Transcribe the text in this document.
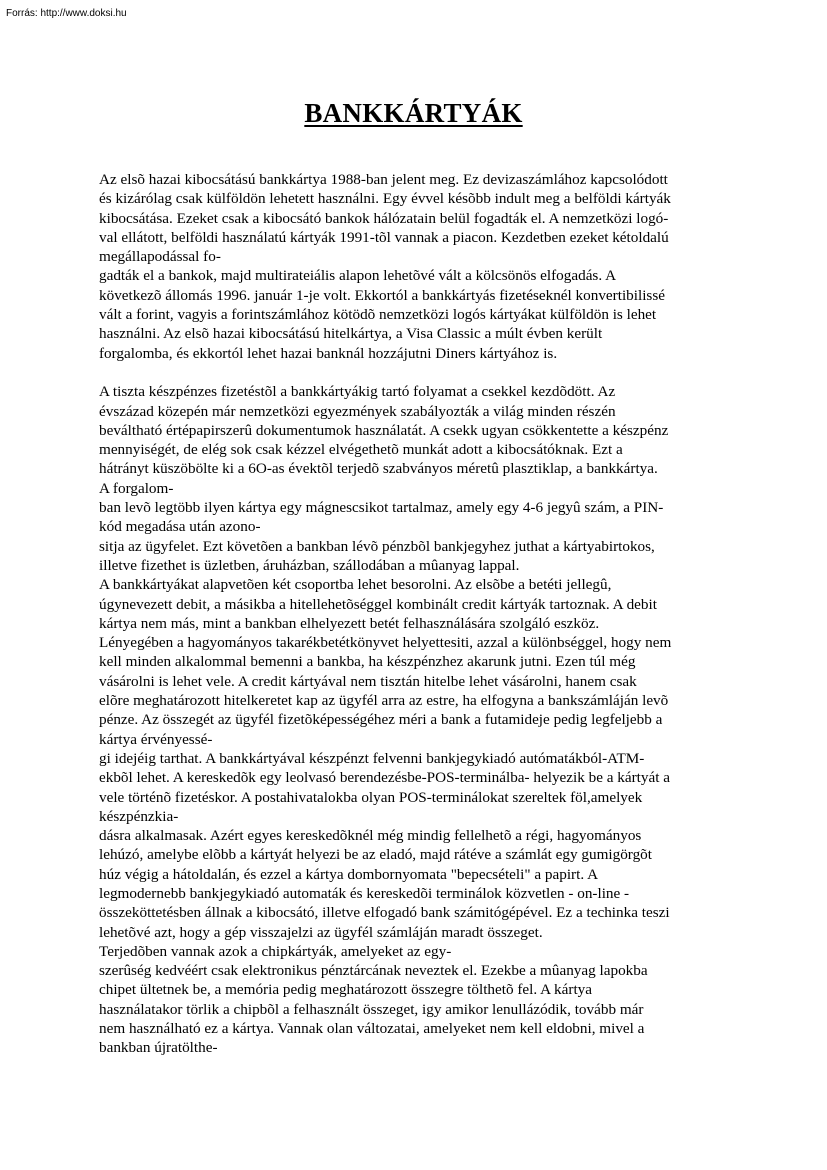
Forrás: http://www.doksi.hu
BANKKÁRTYÁK

Az elsõ hazai kibocsátású bankkártya 1988-ban jelent meg. Ez devizaszámlához kapcsolódott
és kizárólag csak külföldön lehetett használni. Egy évvel késõbb indult meg a belföldi kártyák
kibocsátása. Ezeket csak a kibocsátó bankok hálózatain belül fogadták el. A nemzetközi logó-
val ellátott, belföldi használatú kártyák 1991-tõl vannak a piacon. Kezdetben ezeket kétoldalú
megállapodással fo-
gadták el a bankok, majd multirateiális alapon lehetõvé vált a kölcsönös elfogadás. A
következõ állomás 1996. január 1-je volt. Ekkortól a bankkártyás fizetéseknél konvertibilissé
vált a forint, vagyis a forintszámlához kötödõ nemzetközi logós kártyákat külföldön is lehet
használni. Az elsõ hazai kibocsátású hitelkártya, a Visa Classic a múlt évben került
forgalomba, és ekkortól lehet hazai banknál hozzájutni Diners kártyához is.

A tiszta készpénzes fizetéstõl a bankkártyákig tartó folyamat a csekkel kezdõdött. Az
évszázad közepén már nemzetközi egyezmények szabályozták a világ minden részén
beváltható értépapirszerû dokumentumok használatát. A csekk ugyan csökkentette a készpénz
mennyiségét, de elég sok csak kézzel elvégethetõ munkát adott a kibocsátóknak. Ezt a
hátrányt küszöbölte ki a 6O-as évektõl terjedõ szabványos méretû plasztiklap, a bankkártya.
A forgalom-
ban levõ legtöbb ilyen kártya egy mágnescsikot tartalmaz, amely egy 4-6 jegyû szám, a PIN-
kód megadása után azono-
sitja az ügyfelet. Ezt követõen a bankban lévõ pénzbõl bankjegyhez juthat a kártyabirtokos,
illetve fizethet is üzletben, áruházban, szállodában a mûanyag lappal.

A bankkártyákat alapvetõen két csoportba lehet besorolni. Az elsõbe a betéti jellegû,
úgynevezett debit, a másikba a hitellehetõséggel kombinált credit kártyák tartoznak. A debit
kártya nem más, mint a bankban elhelyezett betét felhasználására szolgáló eszköz.
Lényegében a hagyományos takarékbetétkönyvet helyettesiti, azzal a különbséggel, hogy nem
kell minden alkalommal bemenni a bankba, ha készpénzhez akarunk jutni. Ezen túl még
vásárolni is lehet vele. A credit kártyával nem tisztán hitelbe lehet vásárolni, hanem csak
elõre meghatározott hitelkeretet kap az ügyfél arra az estre, ha elfogyna a bankszámláján levõ
pénze. Az összegét az ügyfél fizetõképességéhez méri a bank a futamideje pedig legfeljebb a
kártya érvényessé-
gi idejéig tarthat. A bankkártyával készpénzt felvenni bankjegykiadó autómatákból-ATM-
ekbõl lehet. A kereskedõk egy leolvasó berendezésbe-POS-terminálba- helyezik be a kártyát a
vele történõ fizetéskor. A postahivatalokba olyan POS-terminálokat szereltek föl,amelyek
készpénzkia-
dásra alkalmasak. Azért egyes kereskedõknél még mindig fellelhetõ a régi, hagyományos
lehúzó, amelybe elõbb a kártyát helyezi be az eladó, majd rátéve a számlát egy gumigörgõt
húz végig a hátoldalán, és ezzel a kártya dombornyomata "bepecsételi" a papirt. A
legmodernebb bankjegykiadó automaták és kereskedõi terminálok közvetlen - on-line -
összeköttetésben állnak a kibocsátó, illetve elfogadó bank számitógépével. Ez a techinka teszi
lehetõvé azt, hogy a gép visszajelzi az ügyfél számláján maradt összeget.
Terjedõben vannak azok a chipkártyák, amelyeket az egy-
szerûség kedvéért csak elektronikus pénztárcának neveztek el. Ezekbe a mûanyag lapokba
chipet ültetnek be, a memória pedig meghatározott összegre tölthetõ fel. A kártya
használatakor törlik a chipbõl a felhasznált összeget, igy amikor lenullázódik, tovább már
nem használható ez a kártya. Vannak olan változatai, amelyeket nem kell eldobni, mivel a
bankban újratölthe-
